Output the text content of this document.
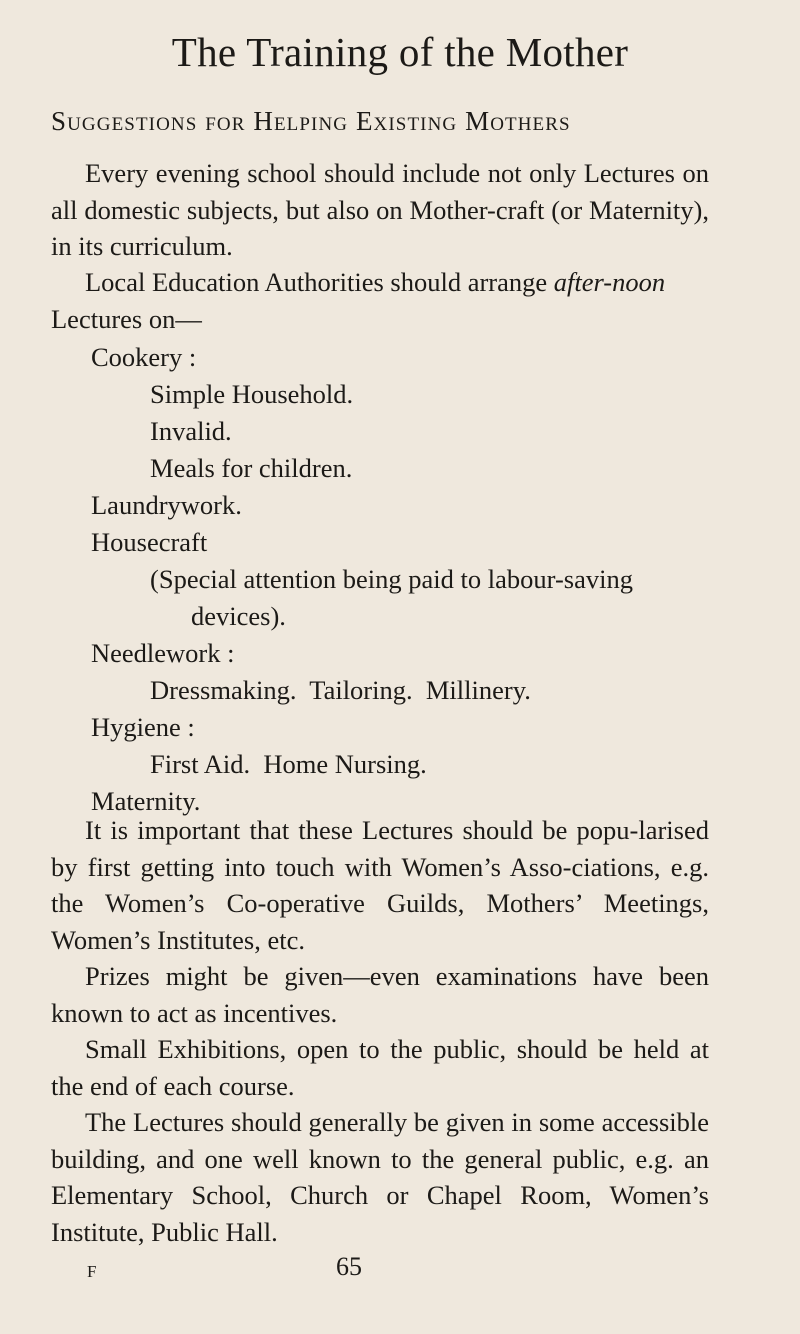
The Training of the Mother
Suggestions for Helping Existing Mothers

Every evening school should include not only Lectures on all domestic subjects, but also on Mother-craft (or Maternity), in its curriculum.

Local Education Authorities should arrange after-noon Lectures on—

Cookery :
Simple Household.
Invalid.
Meals for children.
Laundrywork.
Housecraft
(Special attention being paid to labour-saving
devices).
Needlework :
Dressmaking.  Tailoring.  Millinery.
Hygiene :
First Aid.  Home Nursing.
Maternity.

It is important that these Lectures should be popu-larised by first getting into touch with Women’s Asso-ciations, e.g. the Women’s Co-operative Guilds, Mothers’ Meetings, Women’s Institutes, etc.

Prizes might be given—even examinations have been known to act as incentives.

Small Exhibitions, open to the public, should be held at the end of each course.

The Lectures should generally be given in some accessible building, and one well known to the general public, e.g. an Elementary School, Church or Chapel Room, Women’s Institute, Public Hall.

F	65
